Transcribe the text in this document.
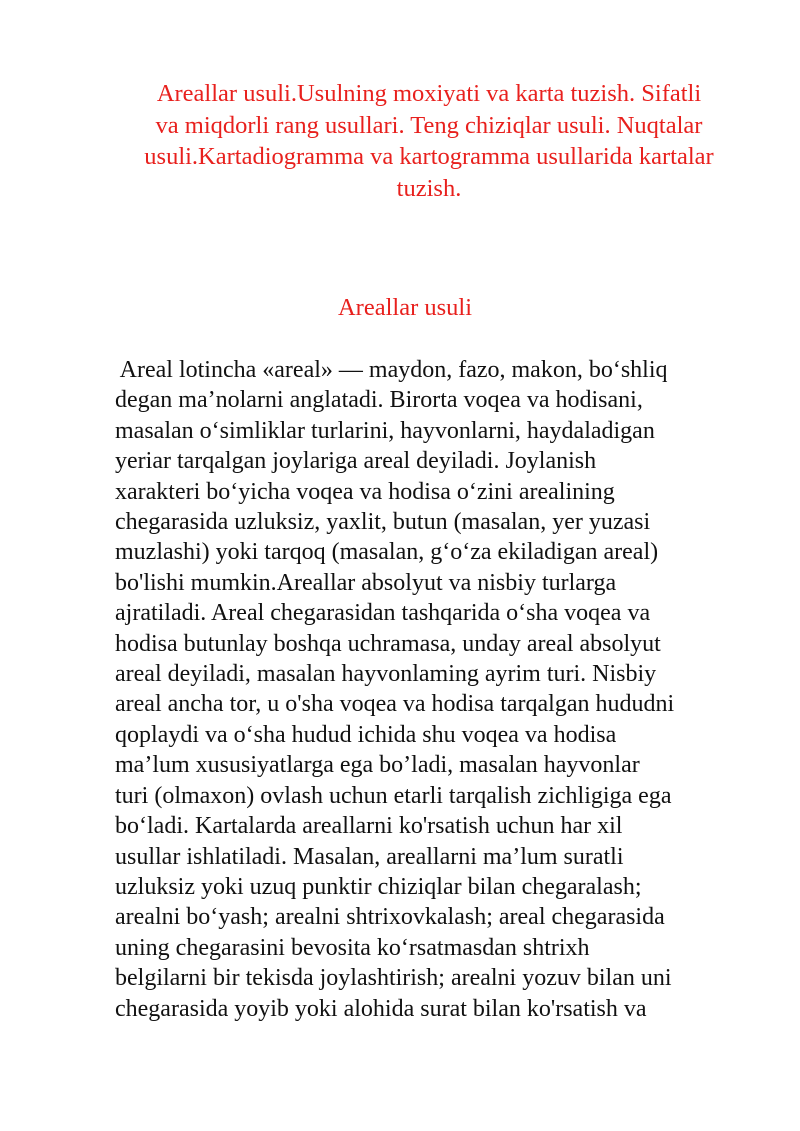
Areallar usuli.Usulning moxiyati va karta tuzish. Sifatli
va miqdorli rang usullari. Teng chiziqlar usuli. Nuqtalar
usuli.Kartadiogramma va kartogramma usullarida kartalar
tuzish.
Areallar usuli
Areal lotincha «areal» — maydon, fazo, makon, bo‘shliq
degan ma’nolarni anglatadi. Birorta voqea va hodisani,
masalan o‘simliklar turlarini, hayvonlarni, haydaladigan
yeriar tarqalgan joylariga areal deyiladi. Joylanish
xarakteri bo‘yicha voqea va hodisa o‘zini arealining
chegarasida uzluksiz, yaxlit, butun (masalan, yer yuzasi
muzlashi) yoki tarqoq (masalan, g‘o‘za ekiladigan areal)
bo'lishi mumkin.Areallar absolyut va nisbiy turlarga
ajratiladi. Areal chegarasidan tashqarida o‘sha voqea va
hodisa butunlay boshqa uchramasa, unday areal absolyut
areal deyiladi, masalan hayvonlaming ayrim turi. Nisbiy
areal ancha tor, u o'sha voqea va hodisa tarqalgan hududni
qoplaydi va o‘sha hudud ichida shu voqea va hodisa
ma’lum xususiyatlarga ega bo’ladi, masalan hayvonlar
turi (olmaxon) ovlash uchun etarli tarqalish zichligiga ega
bo‘ladi. Kartalarda areallarni ko'rsatish uchun har xil
usullar ishlatiladi. Masalan, areallarni ma’lum suratli
uzluksiz yoki uzuq punktir chiziqlar bilan chegaralash;
arealni bo‘yash; arealni shtrixovkalash; areal chegarasida
uning chegarasini bevosita ko‘rsatmasdan shtrixh
belgilarni bir tekisda joylashtirish; arealni yozuv bilan uni
chegarasida yoyib yoki alohida surat bilan ko'rsatish va
